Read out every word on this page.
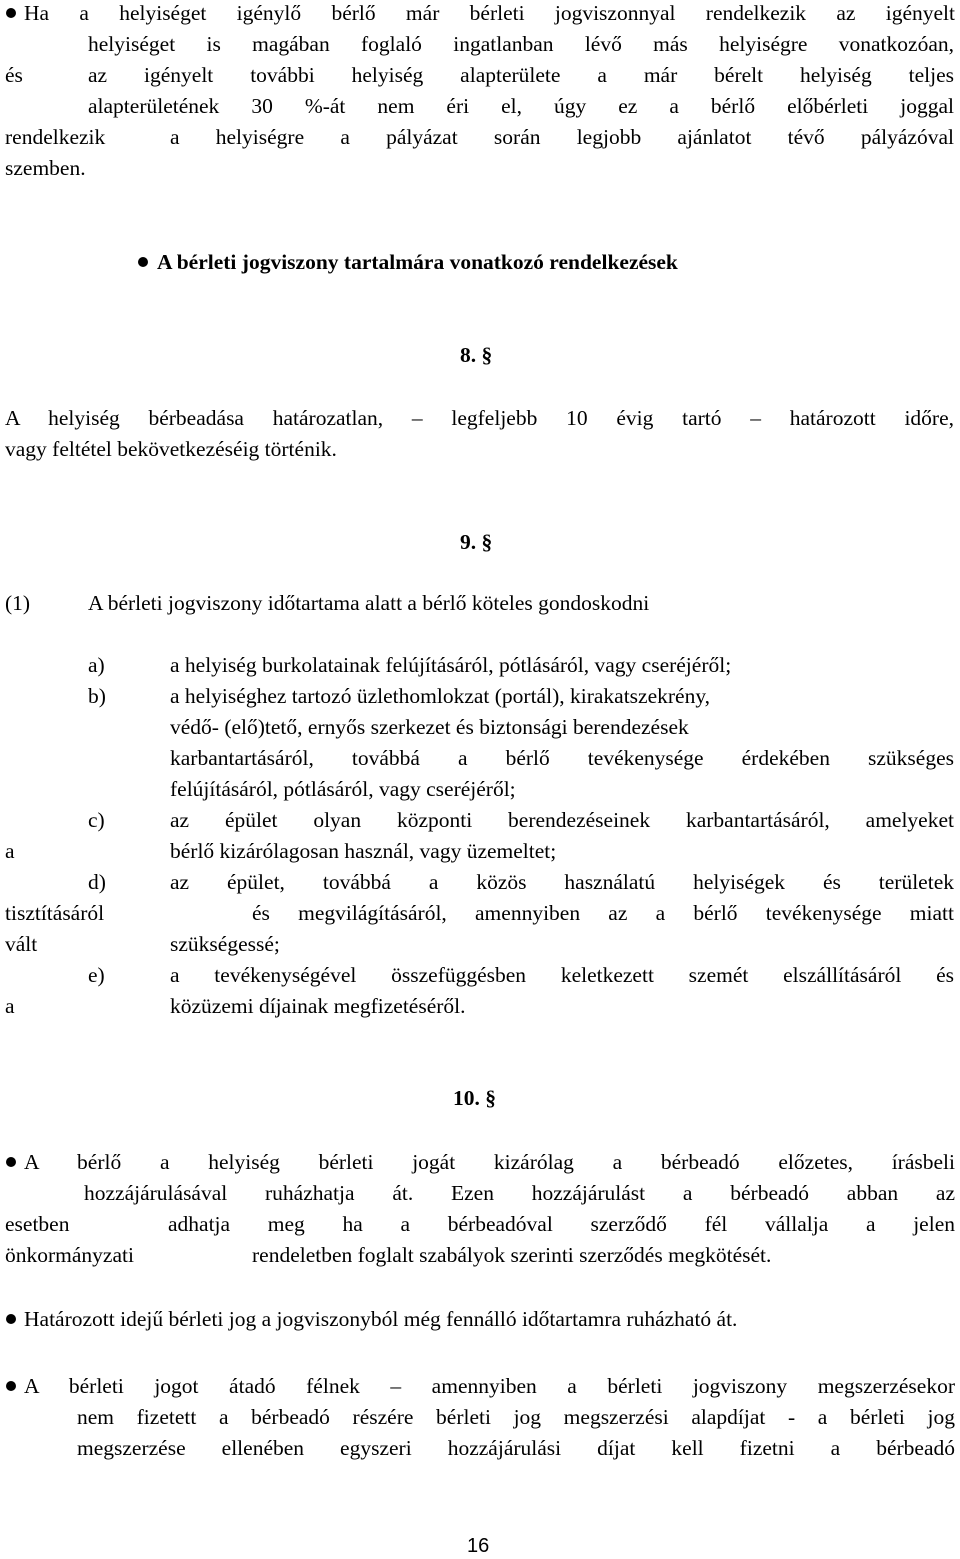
Ha a helyiséget igénylő bérlő már bérleti jogviszonnyal rendelkezik az igényelt
helyiséget is magában foglaló ingatlanban lévő más helyiségre vonatkozóan,
és	az igényelt további helyiség alapterülete a már bérelt helyiség teljes
alapterületének 30 %-át nem éri el, úgy ez a bérlő előbérleti joggal
rendelkezik	a helyiségre a pályázat során legjobb ajánlatot tévő pályázóval
szemben.
A bérleti jogviszony tartalmára vonatkozó rendelkezések
8. §
A helyiség bérbeadása határozatlan, – legfeljebb 10 évig tartó – határozott időre,
vagy feltétel bekövetkezéséig történik.
9. §
(1)	A bérleti jogviszony időtartama alatt a bérlő köteles gondoskodni
a)	a helyiség burkolatainak felújításáról, pótlásáról, vagy cseréjéről;
b)	a helyiséghez tartozó üzlethomlokzat (portál), kirakatszekrény,
védő- (elő)tető, ernyős szerkezet és biztonsági berendezések
karbantartásáról, továbbá a bérlő tevékenysége érdekében szükséges
felújításáról, pótlásáról, vagy cseréjéről;
c)	az épület olyan központi berendezéseinek karbantartásáról, amelyeket
a	bérlő kizárólagosan használ, vagy üzemeltet;
d)	az épület, továbbá a közös használatú helyiségek és területek
tisztításáról	és megvilágításáról, amennyiben az a bérlő tevékenysége miatt
vált	szükségessé;
e)	a tevékenységével összefüggésben keletkezett szemét elszállításáról és
a	közüzemi díjainak megfizetéséről.
10. §
A bérlő a helyiség bérleti jogát kizárólag a bérbeadó előzetes, írásbeli
hozzájárulásával ruházhatja át. Ezen hozzájárulást a bérbeadó abban az
esetben	adhatja meg ha a bérbeadóval szerződő fél vállalja a jelen
önkormányzati	rendeletben foglalt szabályok szerinti szerződés megkötését.
Határozott idejű bérleti jog a jogviszonyból még fennálló időtartamra ruházható át.
A bérleti jogot átadó félnek – amennyiben a bérleti jogviszony megszerzésekor
nem fizetett a bérbeadó részére bérleti jog megszerzési alapdíjat - a bérleti jog
megszerzése ellenében egyszeri hozzájárulási díjat kell fizetni a bérbeadó
16
